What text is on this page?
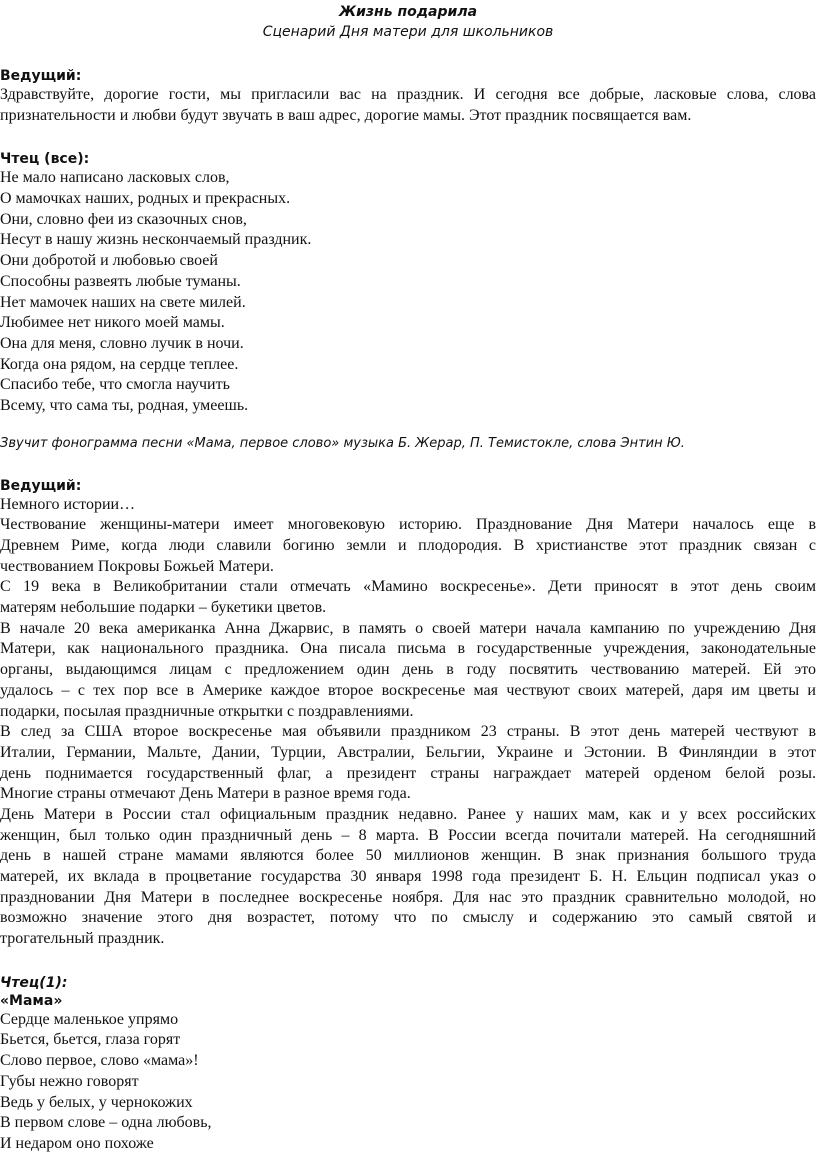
Жизнь подарила
Сценарий Дня матери для школьников
Ведущий:
Здравствуйте, дорогие гости, мы пригласили вас на праздник. И сегодня все добрые, ласковые слова, слова
признательности и любви будут звучать в ваш адрес, дорогие мамы. Этот праздник посвящается вам.
Чтец (все):
Не мало написано ласковых слов,
О мамочках наших, родных и прекрасных.
Они, словно феи из сказочных снов,
Несут в нашу жизнь нескончаемый праздник.
Они добротой и любовью своей
Способны развеять любые туманы.
Нет мамочек наших на свете милей.
Любимее нет никого моей мамы.
Она для меня, словно лучик в ночи.
Когда она рядом, на сердце теплее.
Спасибо тебе, что смогла научить
Всему, что сама ты, родная, умеешь.
Звучит фонограмма песни «Мама, первое слово» музыка Б. Жерар, П. Темистокле, слова Энтин Ю.
Ведущий:
Немного истории…
Чествование женщины-матери имеет многовековую историю. Празднование Дня Матери началось еще в
Древнем Риме, когда люди славили богиню земли и плодородия. В христианстве этот праздник связан с
чествованием Покровы Божьей Матери.
С 19 века в Великобритании стали отмечать «Мамино воскресенье». Дети приносят в этот день своим
матерям небольшие подарки – букетики цветов.
В начале 20 века американка Анна Джарвис, в память о своей матери начала кампанию по учреждению Дня
Матери, как национального праздника. Она писала письма в государственные учреждения, законодательные
органы, выдающимся лицам с предложением один день в году посвятить чествованию матерей. Ей это
удалось – с тех пор все в Америке каждое второе воскресенье мая чествуют своих матерей, даря им цветы и
подарки, посылая праздничные открытки с поздравлениями.
В след за США второе воскресенье мая объявили праздником 23 страны. В этот день матерей чествуют в
Италии, Германии, Мальте, Дании, Турции, Австралии, Бельгии, Украине и Эстонии. В Финляндии в этот
день поднимается государственный флаг, а президент страны награждает матерей орденом белой розы.
Многие страны отмечают День Матери в разное время года.
День Матери в России стал официальным праздник недавно. Ранее у наших мам, как и у всех российских
женщин, был только один праздничный день – 8 марта. В России всегда почитали матерей. На сегодняшний
день в нашей стране мамами являются более 50 миллионов женщин. В знак признания большого труда
матерей, их вклада в процветание государства 30 января 1998 года президент Б. Н. Ельцин подписал указ о
праздновании Дня Матери в последнее воскресенье ноября. Для нас это праздник сравнительно молодой, но
возможно значение этого дня возрастет, потому что по смыслу и содержанию это самый святой и
трогательный праздник.
Чтец(1):
«Мама»
Сердце маленькое упрямо
Бьется, бьется, глаза горят
Слово первое, слово «мама»!
Губы нежно говорят
Ведь у белых, у чернокожих
В первом слове – одна любовь,
И недаром оно похоже
